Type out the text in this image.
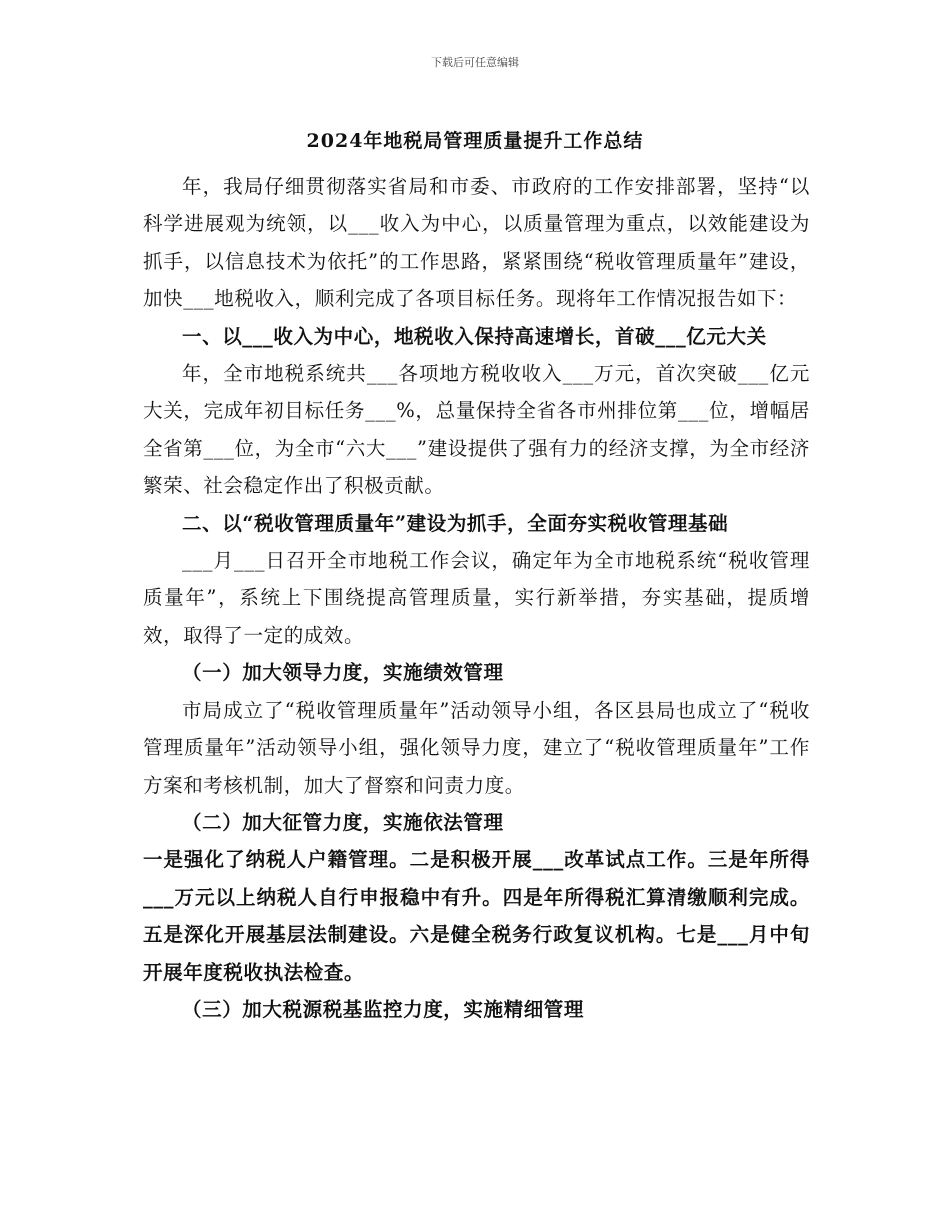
下载后可任意编辑
2024年地税局管理质量提升工作总结

年，我局仔细贯彻落实省局和市委、市政府的工作安排部署，坚持“以科学进展观为统领，以___收入为中心，以质量管理为重点，以效能建设为抓手，以信息技术为依托”的工作思路，紧紧围绕“税收管理质量年”建设，加快___地税收入，顺利完成了各项目标任务。现将年工作情况报告如下：

一、以___收入为中心，地税收入保持高速增长，首破___亿元大关

年，全市地税系统共___各项地方税收收入___万元，首次突破___亿元大关，完成年初目标任务___%，总量保持全省各市州排位第___位，增幅居全省第___位，为全市“六大___”建设提供了强有力的经济支撑，为全市经济繁荣、社会稳定作出了积极贡献。

二、以“税收管理质量年”建设为抓手，全面夯实税收管理基础

___月___日召开全市地税工作会议，确定年为全市地税系统“税收管理质量年”，系统上下围绕提高管理质量，实行新举措，夯实基础，提质增效，取得了一定的成效。

（一）加大领导力度，实施绩效管理

市局成立了“税收管理质量年”活动领导小组，各区县局也成立了“税收管理质量年”活动领导小组，强化领导力度，建立了“税收管理质量年”工作方案和考核机制，加大了督察和问责力度。

（二）加大征管力度，实施依法管理

一是强化了纳税人户籍管理。二是积极开展___改革试点工作。三是年所得___万元以上纳税人自行申报稳中有升。四是年所得税汇算清缴顺利完成。五是深化开展基层法制建设。六是健全税务行政复议机构。七是___月中旬开展年度税收执法检查。

（三）加大税源税基监控力度，实施精细管理
